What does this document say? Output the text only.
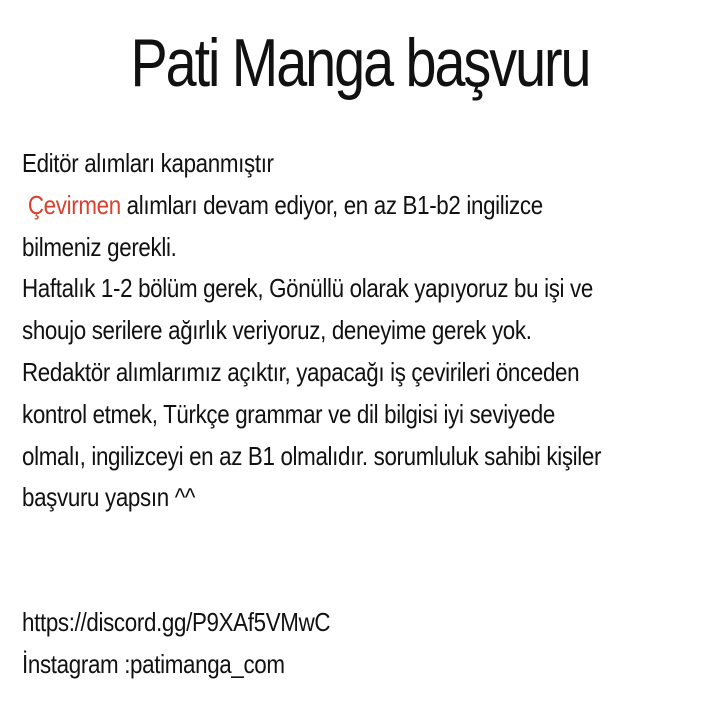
Pati Manga başvuru
Editör alımları kapanmıştır
Çevirmen alımları devam ediyor, en az B1-b2 ingilizce
bilmeniz gerekli.
Haftalık 1-2 bölüm gerek, Gönüllü olarak yapıyoruz bu işi ve
shoujo serilere ağırlık veriyoruz, deneyime gerek yok.
Redaktör alımlarımız açıktır, yapacağı iş çevirileri önceden
kontrol etmek, Türkçe grammar ve dil bilgisi iyi seviyede
olmalı, ingilizceyi en az B1 olmalıdır. sorumluluk sahibi kişiler
başvuru yapsın ^^
https://discord.gg/P9XAf5VMwC
İnstagram :patimanga_com
